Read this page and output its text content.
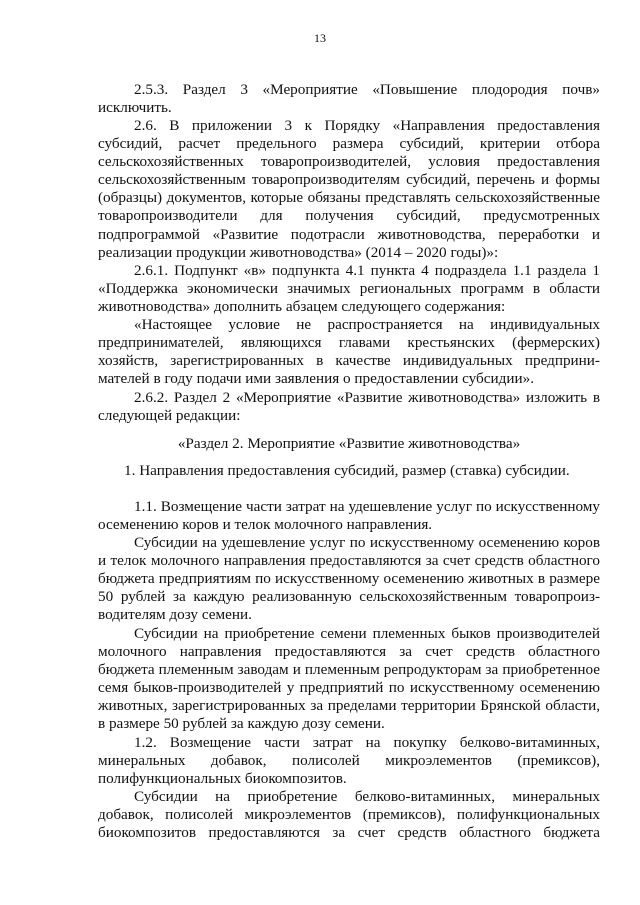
13
2.5.3. Раздел 3 «Мероприятие «Повышение плодородия почв»
исключить.
2.6. В приложении 3 к Порядку «Направления предоставления
субсидий, расчет предельного размера субсидий, критерии отбора
сельскохозяйственных товаропроизводителей, условия предоставления
сельскохозяйственным товаропроизводителям субсидий, перечень и формы
(образцы) документов, которые обязаны представлять сельскохозяйственные
товаропроизводители для получения субсидий, предусмотренных
подпрограммой «Развитие подотрасли животноводства, переработки и
реализации продукции животноводства» (2014 – 2020 годы)»:
2.6.1. Подпункт «в» подпункта 4.1 пункта 4 подраздела 1.1 раздела 1
«Поддержка экономически значимых региональных программ в области
животноводства» дополнить абзацем следующего содержания:
«Настоящее условие не распространяется на индивидуальных
предпринимателей, являющихся главами крестьянских (фермерских)
хозяйств, зарегистрированных в качестве индивидуальных предприни-
мателей в году подачи ими заявления о предоставлении субсидии».
2.6.2. Раздел 2 «Мероприятие «Развитие животноводства» изложить в
следующей редакции:
«Раздел 2. Мероприятие «Развитие животноводства»
1. Направления предоставления субсидий, размер (ставка) субсидии.
1.1. Возмещение части затрат на удешевление услуг по искусственному
осеменению коров и телок молочного направления.
Субсидии на удешевление услуг по искусственному осеменению коров
и телок молочного направления предоставляются за счет средств областного
бюджета предприятиям по искусственному осеменению животных в размере
50 рублей за каждую реализованную сельскохозяйственным товаропроиз-
водителям дозу семени.
Субсидии на приобретение семени племенных быков производителей
молочного направления предоставляются за счет средств областного
бюджета племенным заводам и племенным репродукторам за приобретенное
семя быков-производителей у предприятий по искусственному осеменению
животных, зарегистрированных за пределами территории Брянской области,
в размере 50 рублей за каждую дозу семени.
1.2. Возмещение части затрат на покупку белково-витаминных,
минеральных добавок, полисолей микроэлементов (премиксов),
полифункциональных биокомпозитов.
Субсидии на приобретение белково-витаминных, минеральных
добавок, полисолей микроэлементов (премиксов), полифункциональных
биокомпозитов предоставляются за счет средств областного бюджета
